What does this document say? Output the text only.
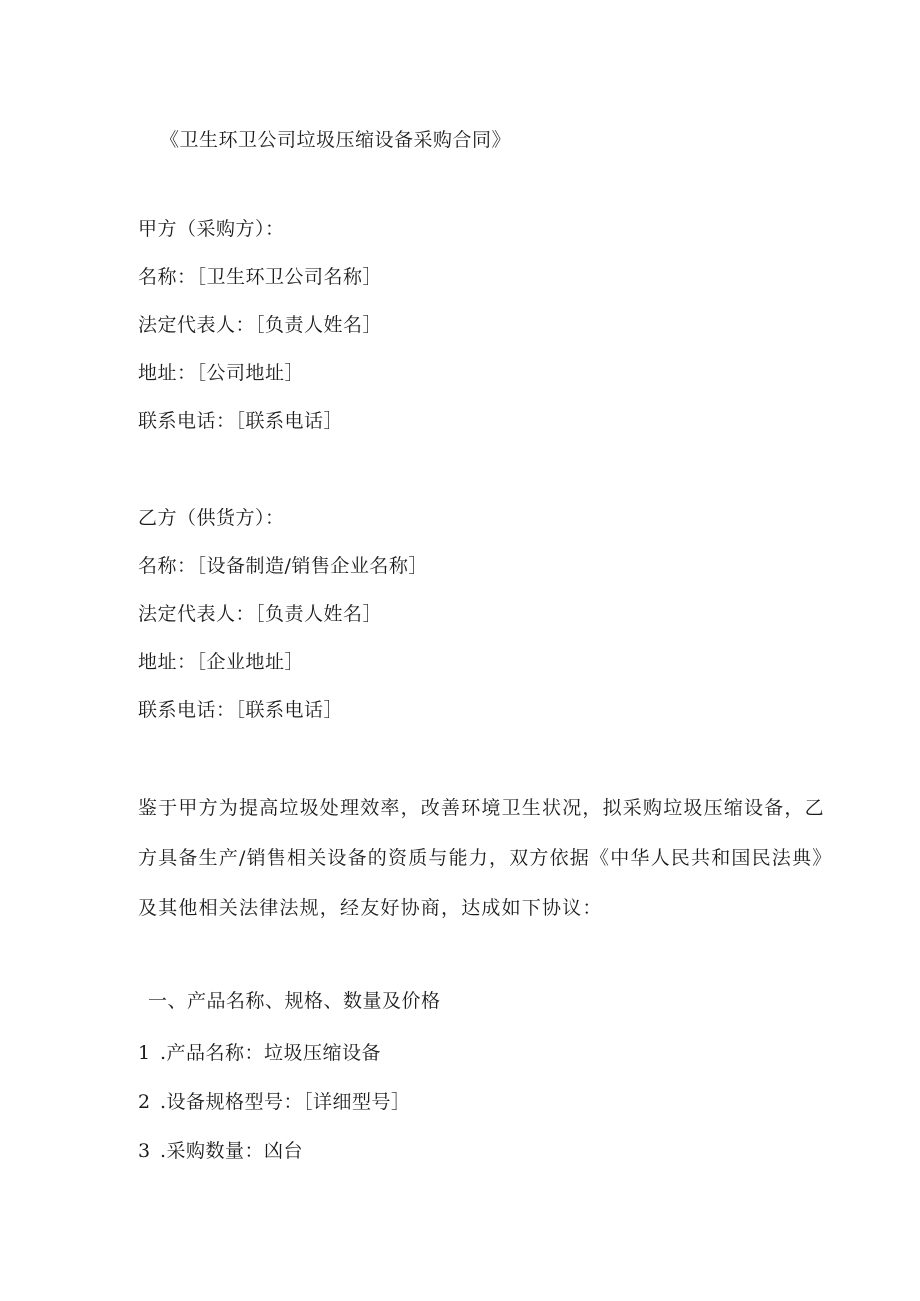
《卫生环卫公司垃圾压缩设备采购合同》
甲方（采购方）：
名称：［卫生环卫公司名称］
法定代表人：［负责人姓名］
地址：［公司地址］
联系电话：［联系电话］
乙方（供货方）：
名称：［设备制造/销售企业名称］
法定代表人：［负责人姓名］
地址：［企业地址］
联系电话：［联系电话］
鉴于甲方为提高垃圾处理效率，改善环境卫生状况，拟采购垃圾压缩设备，乙
方具备生产/销售相关设备的资质与能力，双方依据《中华人民共和国民法典》
及其他相关法律法规，经友好协商，达成如下协议：
一、产品名称、规格、数量及价格
1 .产品名称：垃圾压缩设备
2 .设备规格型号：［详细型号］
3 .采购数量：凶台
